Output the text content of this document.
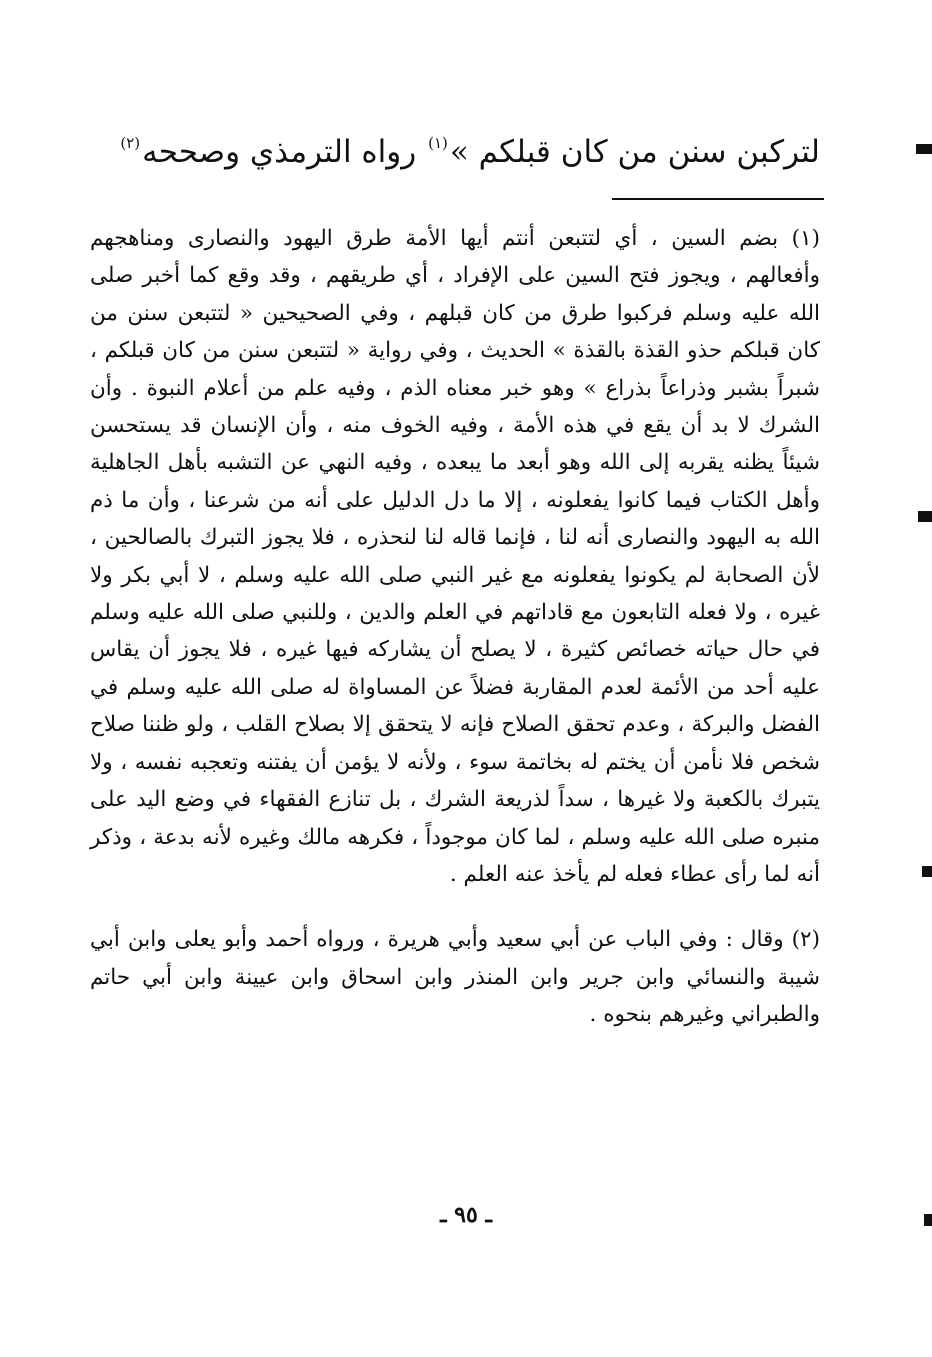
لتركبن سنن من كان قبلكم »$^{(١)}$ رواه الترمذي وصححه$^{(٢)}$

(١) بضم السين ، أي لتتبعن أنتم أيها الأمة طرق اليهود والنصارى ومناهجهم وأفعالهم ، ويجوز فتح السين على الإفراد ، أي طريقهم ، وقد وقع كما أخبر صلى الله عليه وسلم فركبوا طرق من كان قبلهم ، وفي الصحيحين « لتتبعن سنن من كان قبلكم حذو القذة بالقذة » الحديث ، وفي رواية « لتتبعن سنن من كان قبلكم ، شبراً بشبر وذراعاً بذراع » وهو خبر معناه الذم ، وفيه علم من أعلام النبوة . وأن الشرك لا بد أن يقع في هذه الأمة ، وفيه الخوف منه ، وأن الإنسان قد يستحسن شيئاً يظنه يقربه إلى الله وهو أبعد ما يبعده ، وفيه النهي عن التشبه بأهل الجاهلية وأهل الكتاب فيما كانوا يفعلونه ، إلا ما دل الدليل على أنه من شرعنا ، وأن ما ذم الله به اليهود والنصارى أنه لنا ، فإنما قاله لنا لنحذره ، فلا يجوز التبرك بالصالحين ، لأن الصحابة لم يكونوا يفعلونه مع غير النبي صلى الله عليه وسلم ، لا أبي بكر ولا غيره ، ولا فعله التابعون مع قاداتهم في العلم والدين ، وللنبي صلى الله عليه وسلم في حال حياته خصائص كثيرة ، لا يصلح أن يشاركه فيها غيره ، فلا يجوز أن يقاس عليه أحد من الأئمة لعدم المقاربة فضلاً عن المساواة له صلى الله عليه وسلم في الفضل والبركة ، وعدم تحقق الصلاح فإنه لا يتحقق إلا بصلاح القلب ، ولو ظننا صلاح شخص فلا نأمن أن يختم له بخاتمة سوء ، ولأنه لا يؤمن أن يفتنه وتعجبه نفسه ، ولا يتبرك بالكعبة ولا غيرها ، سداً لذريعة الشرك ، بل تنازع الفقهاء في وضع اليد على منبره صلى الله عليه وسلم ، لما كان موجوداً ، فكرهه مالك وغيره لأنه بدعة ، وذكر أنه لما رأى عطاء فعله لم يأخذ عنه العلم .

(٢) وقال : وفي الباب عن أبي سعيد وأبي هريرة ، ورواه أحمد وأبو يعلى وابن أبي شيبة والنسائي وابن جرير وابن المنذر وابن اسحاق وابن عيينة وابن أبي حاتم والطبراني وغيرهم بنحوه .

ـ ٩٥ ـ
